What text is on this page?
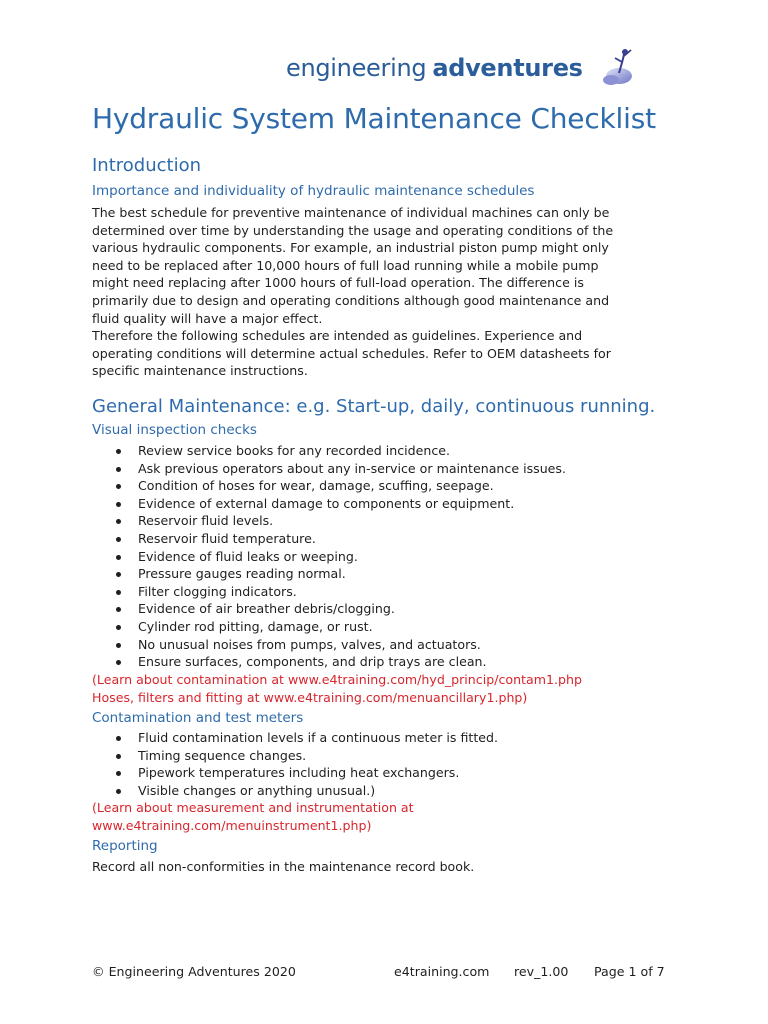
engineering adventures
Hydraulic System Maintenance Checklist
Introduction
Importance and individuality of hydraulic maintenance schedules
The best schedule for preventive maintenance of individual machines can only be
determined over time by understanding the usage and operating conditions of the
various hydraulic components. For example, an industrial piston pump might only
need to be replaced after 10,000 hours of full load running while a mobile pump
might need replacing after 1000 hours of full-load operation. The difference is
primarily due to design and operating conditions although good maintenance and
fluid quality will have a major effect.
Therefore the following schedules are intended as guidelines. Experience and
operating conditions will determine actual schedules. Refer to OEM datasheets for
specific maintenance instructions.
General Maintenance: e.g. Start-up, daily, continuous running.
Visual inspection checks
Review service books for any recorded incidence.
Ask previous operators about any in-service or maintenance issues.
Condition of hoses for wear, damage, scuffing, seepage.
Evidence of external damage to components or equipment.
Reservoir fluid levels.
Reservoir fluid temperature.
Evidence of fluid leaks or weeping.
Pressure gauges reading normal.
Filter clogging indicators.
Evidence of air breather debris/clogging.
Cylinder rod pitting, damage, or rust.
No unusual noises from pumps, valves, and actuators.
Ensure surfaces, components, and drip trays are clean.
(Learn about contamination at www.e4training.com/hyd_princip/contam1.php
Hoses, filters and fitting at www.e4training.com/menuancillary1.php)
Contamination and test meters
Fluid contamination levels if a continuous meter is fitted.
Timing sequence changes.
Pipework temperatures including heat exchangers.
Visible changes or anything unusual.)
(Learn about measurement and instrumentation at
www.e4training.com/menuinstrument1.php)
Reporting
Record all non-conformities in the maintenance record book.
© Engineering Adventures 2020	e4training.com rev_1.00 Page 1 of 7
